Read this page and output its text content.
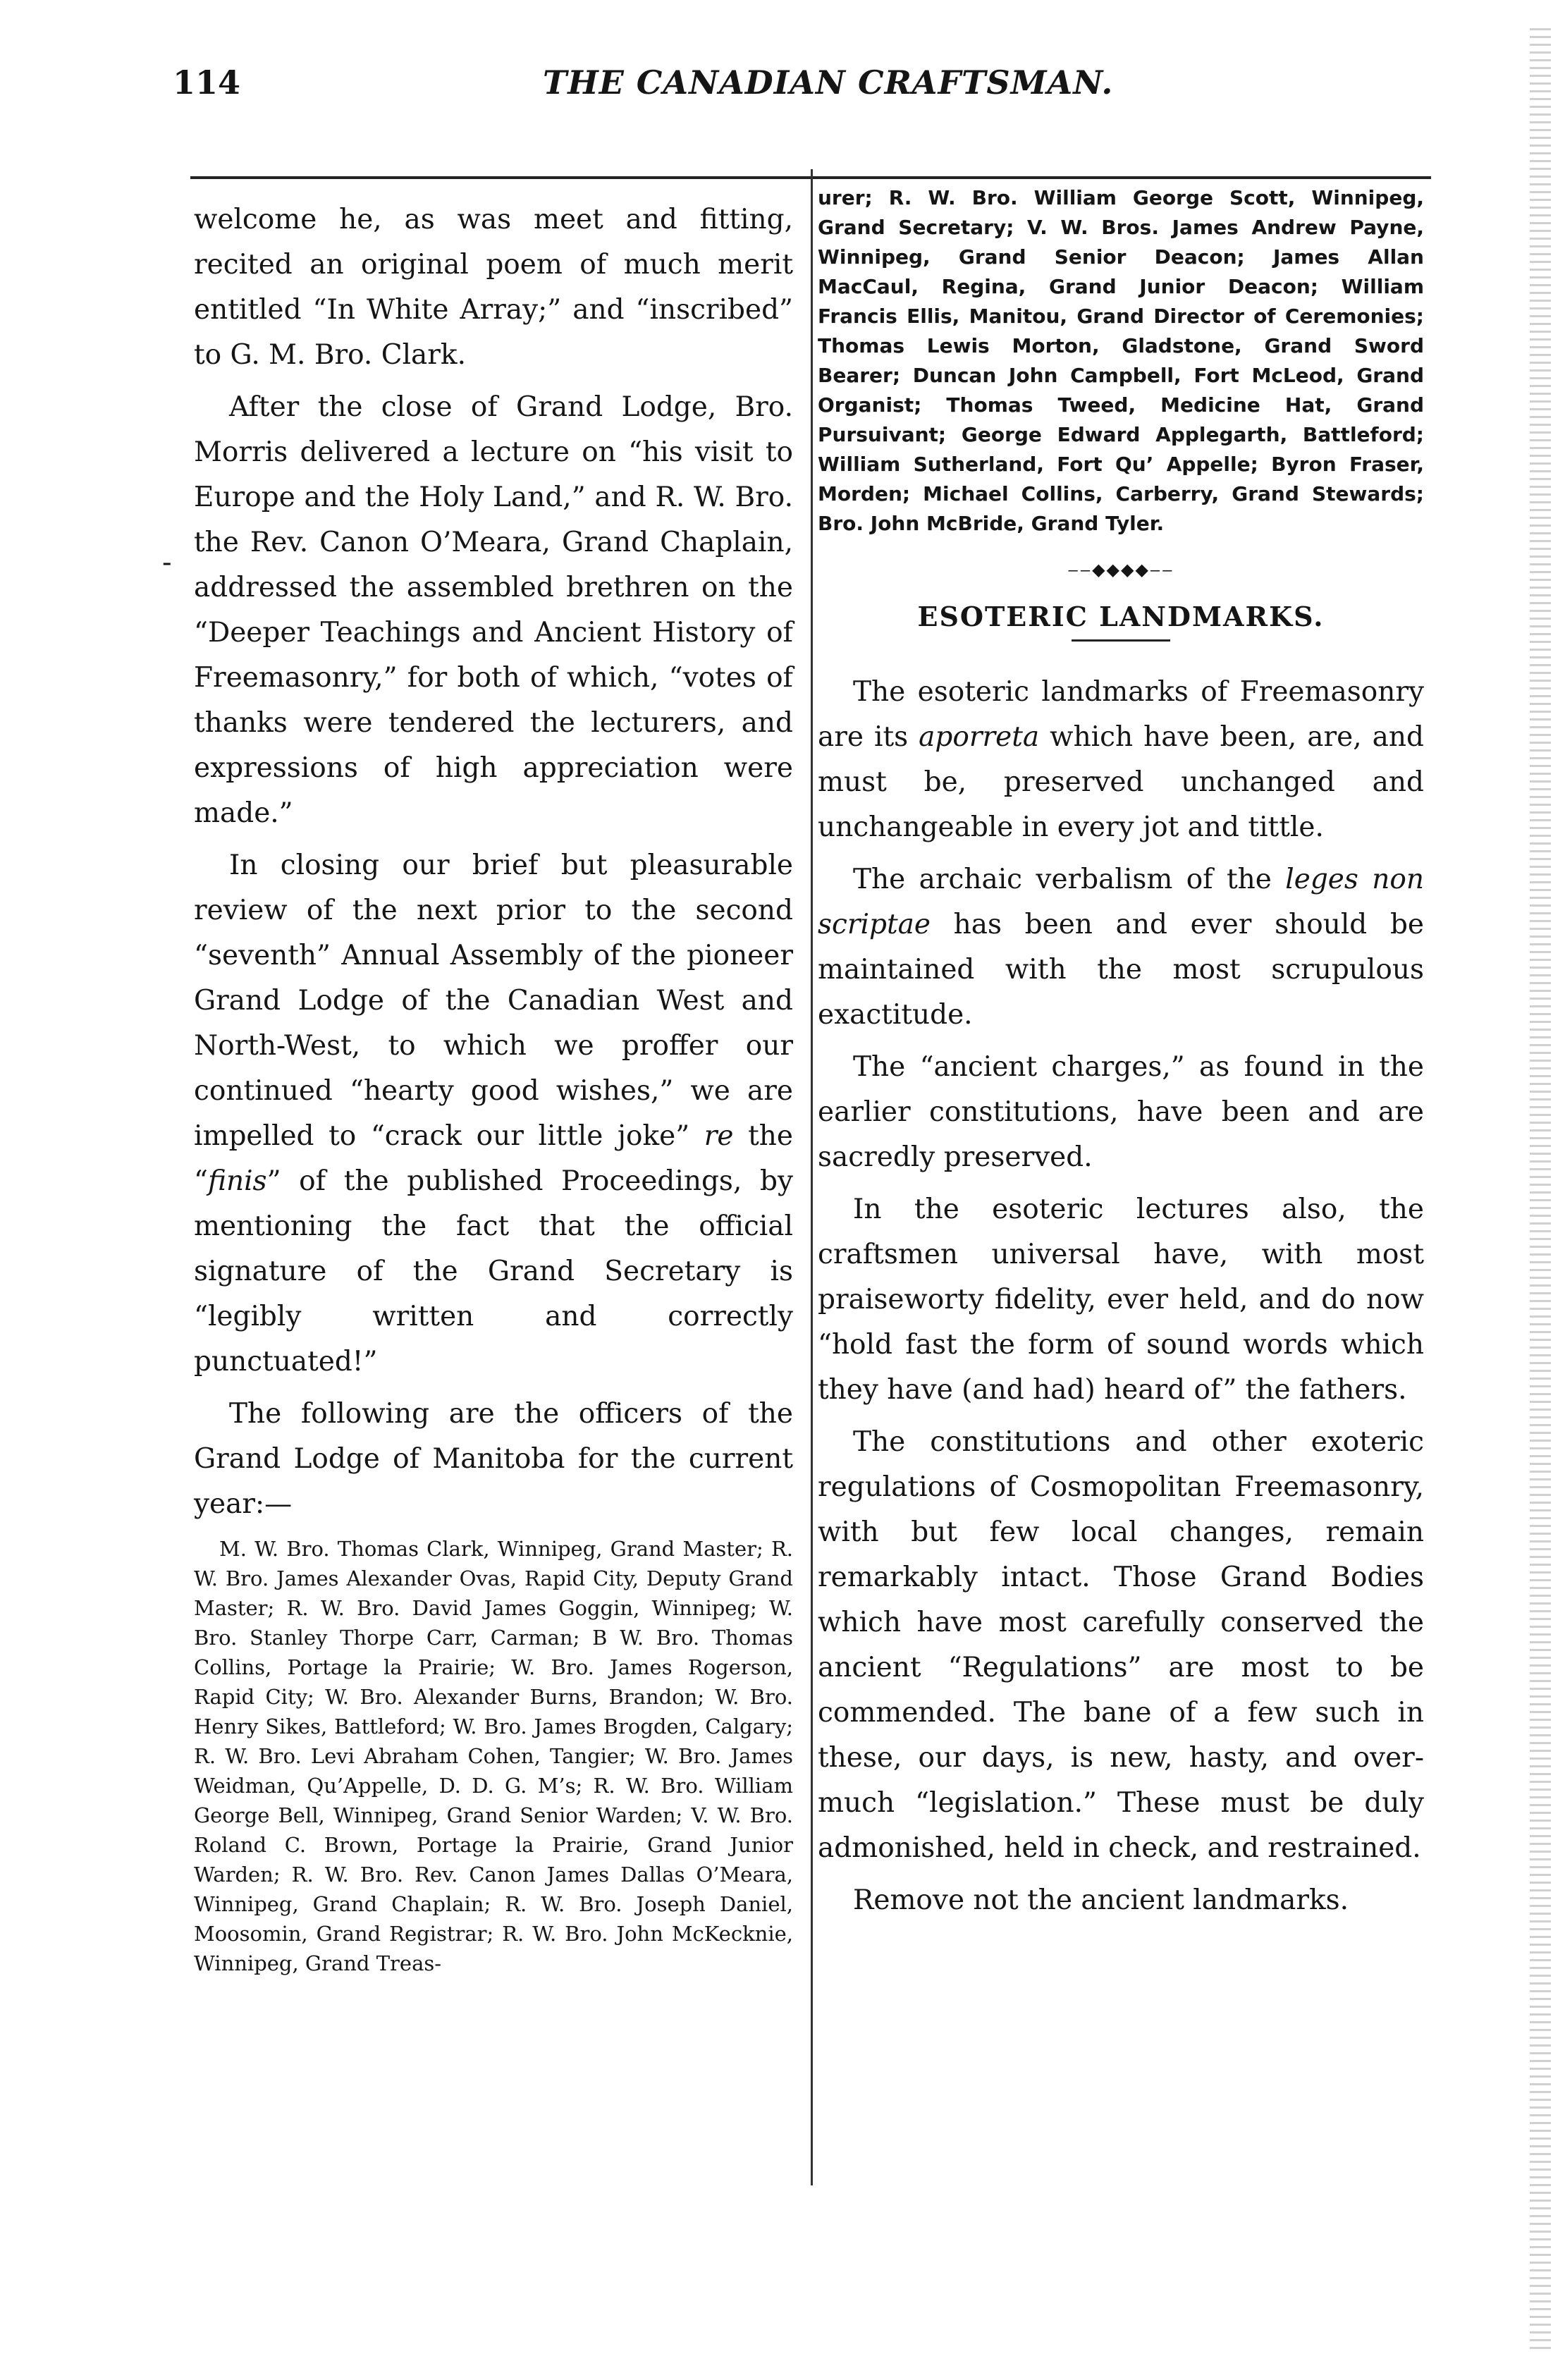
114	THE CANADIAN CRAFTSMAN.
-

welcome he, as was meet and fitting, recited an original poem of much merit entitled “In White Array;” and “inscribed” to G. M. Bro. Clark.

After the close of Grand Lodge, Bro. Morris delivered a lecture on “his visit to Europe and the Holy Land,” and R. W. Bro. the Rev. Canon O’Meara, Grand Chaplain, addressed the assembled brethren on the “Deeper Teachings and Ancient History of Freemasonry,” for both of which, “votes of thanks were tendered the lecturers, and expressions of high appreciation were made.”

In closing our brief but pleasurable review of the next prior to the second “seventh” Annual Assembly of the pioneer Grand Lodge of the Canadian West and North-West, to which we proffer our continued “hearty good wishes,” we are impelled to “crack our little joke” re the “finis” of the published Proceedings, by mentioning the fact that the official signature of the Grand Secretary is “legibly written and correctly punctuated!”

The following are the officers of the Grand Lodge of Manitoba for the current year:—

M. W. Bro. Thomas Clark, Winnipeg, Grand Master; R. W. Bro. James Alexander Ovas, Rapid City, Deputy Grand Master; R. W. Bro. David James Goggin, Winnipeg; W. Bro. Stanley Thorpe Carr, Carman; B W. Bro. Thomas Collins, Portage la Prairie; W. Bro. James Rogerson, Rapid City; W. Bro. Alexander Burns, Brandon; W. Bro. Henry Sikes, Battleford; W. Bro. James Brogden, Calgary; R. W. Bro. Levi Abraham Cohen, Tangier; W. Bro. James Weidman, Qu’Appelle, D. D. G. M’s; R. W. Bro. William George Bell, Winnipeg, Grand Senior Warden; V. W. Bro. Roland C. Brown, Portage la Prairie, Grand Junior Warden; R. W. Bro. Rev. Canon James Dallas O’Meara, Winnipeg, Grand Chaplain; R. W. Bro. Joseph Daniel, Moosomin, Grand Registrar; R. W. Bro. John McKecknie, Winnipeg, Grand Treas-

urer; R. W. Bro. William George Scott, Winnipeg, Grand Secretary; V. W. Bros. James Andrew Payne, Winnipeg, Grand Senior Deacon; James Allan MacCaul, Regina, Grand Junior Deacon; William Francis Ellis, Manitou, Grand Director of Ceremonies; Thomas Lewis Morton, Gladstone, Grand Sword Bearer; Duncan John Campbell, Fort McLeod, Grand Organist; Thomas Tweed, Medicine Hat, Grand Pursuivant; George Edward Applegarth, Battleford; William Sutherland, Fort Qu’ Appelle; Byron Fraser, Morden; Michael Collins, Carberry, Grand Stewards; Bro. John McBride, Grand Tyler.

‒‒◆◆◆◆‒‒
ESOTERIC LANDMARKS.

The esoteric landmarks of Freemasonry are its aporreta which have been, are, and must be, preserved unchanged and unchangeable in every jot and tittle.

The archaic verbalism of the leges non scriptae has been and ever should be maintained with the most scrupulous exactitude.

The “ancient charges,” as found in the earlier constitutions, have been and are sacredly preserved.

In the esoteric lectures also, the craftsmen universal have, with most praiseworty fidelity, ever held, and do now “hold fast the form of sound words which they have (and had) heard of” the fathers.

The constitutions and other exoteric regulations of Cosmopolitan Freemasonry, with but few local changes, remain remarkably intact. Those Grand Bodies which have most carefully conserved the ancient “Regulations” are most to be commended. The bane of a few such in these, our days, is new, hasty, and over-much “legislation.” These must be duly admonished, held in check, and restrained.

Remove not the ancient landmarks.
